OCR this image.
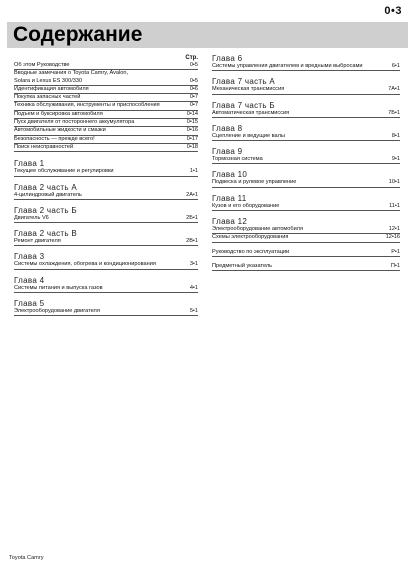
0•3
Содержание
Стр.
Об этом Руководстве	0•5
Вводные замечания о Toyota Camry, Avalon,
Solara и Lexus ES 300/330	0•5
Идентификация автомобиля	0•6
Покупка запасных частей	0•7
Техника обслуживания, инструменты и приспособления	0•7
Подъем и буксировка автомобиля	0•14
Пуск двигателя от постороннего аккумулятора	0•15
Автомобильные жидкости и смазки	0•16
Безопасность — прежде всего!	0•17
Поиск неисправностей	0•18
Глава 1
Текущее обслуживание и регулировки	1•1
Глава 2 часть А
4-цилиндровый двигатель	2А•1
Глава 2 часть Б
Двигатель V6	2Б•1
Глава 2 часть В
Ремонт двигателя	2В•1
Глава 3
Системы охлаждения, обогрева и кондиционирования	3•1
Глава 4
Системы питания и выпуска газов	4•1
Глава 5
Электрооборудование двигателя	5•1
Глава 6
Системы управления двигателем и вредными выбросами	6•1
Глава 7 часть А
Механическая трансмиссия	7А•1
Глава 7 часть Б
Автоматическая трансмиссия	7Б•1
Глава 8
Сцепление и ведущие валы	8•1
Глава 9
Тормозная система	9•1
Глава 10
Подвеска и рулевое управление	10•1
Глава 11
Кузов и его оборудование	11•1
Глава 12
Электрооборудование автомобиля	12•1
Схемы электрооборудования	12•16
Руководство по эксплуатации	Р•1
Предметный указатель	П•1
Toyota Camry
